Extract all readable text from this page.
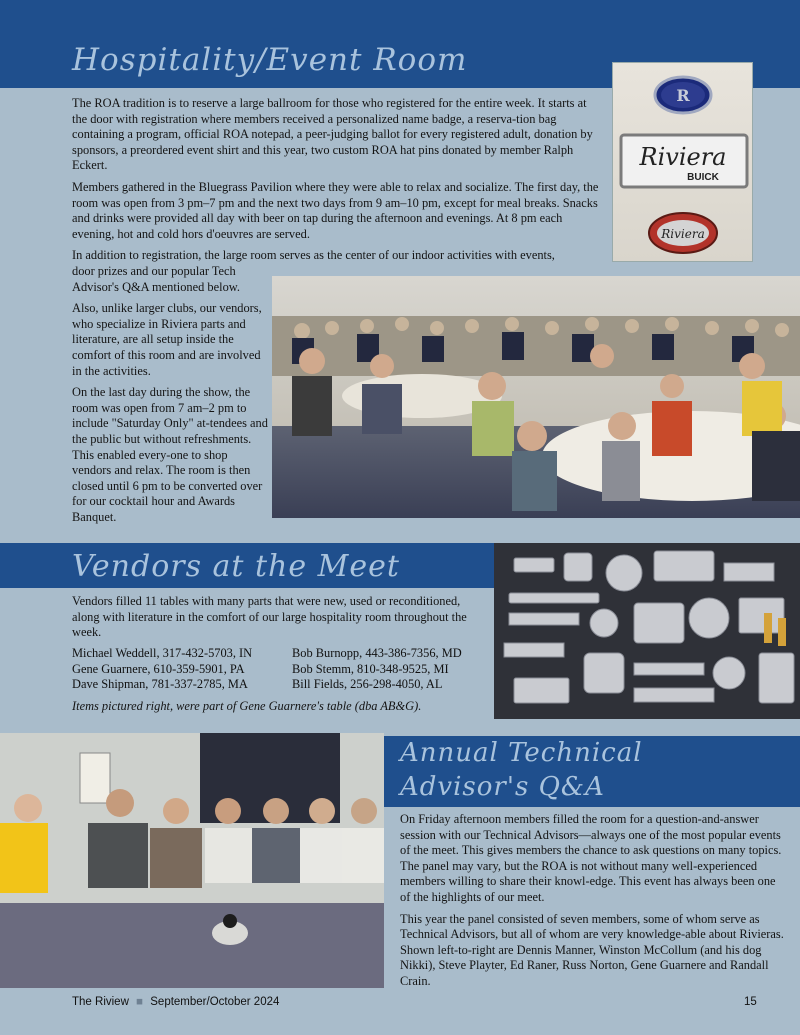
Hospitality/Event Room
R
Riviera
BUICK
Riviera

The ROA tradition is to reserve a large ballroom for those who registered for the entire week. It starts at the door with registration where members received a personalized name badge, a reserva-tion bag containing a program, official ROA notepad, a peer-judging ballot for every registered adult, donation by sponsors, a preordered event shirt and this year, two custom ROA hat pins donated by member Ralph Eckert.

Members gathered in the Bluegrass Pavilion where they were able to relax and socialize. The first day, the room was open from 3 pm–7 pm and the next two days from 9 am–10 pm, except for meal breaks. Snacks and drinks were provided all day with beer on tap during the afternoon and evenings. At 8 pm each evening, hot and cold hors d'oeuvres are served.

In addition to registration, the large room serves as the center of our indoor activities with events,

door prizes and our popular Tech Advisor's Q&A mentioned below.

Also, unlike larger clubs, our vendors, who specialize in Riviera parts and literature, are all setup inside the comfort of this room and are involved in the activities.

On the last day during the show, the room was open from 7 am–2 pm to include "Saturday Only" at-tendees and the public but without refreshments. This enabled every-one to shop vendors and relax. The room is then closed until 6 pm to be converted over for our cocktail hour and Awards Banquet.

Vendors at the Meet
Vendors filled 11 tables with many parts that were new, used or reconditioned, along with literature in the comfort of our large hospitality room throughout the week.
Michael Weddell, 317-432-5703, IN
Gene Guarnere, 610-359-5901, PA
Dave Shipman, 781-337-2785, MA
Bob Burnopp, 443-386-7356, MD
Bob Stemm, 810-348-9525, MI
Bill Fields, 256-298-4050, AL
Items pictured right, were part of Gene Guarnere's table (dba AB&G).
Annual Technical
Advisor's Q&A

On Friday afternoon members filled the room for a question-and-answer session with our Technical Advisors—always one of the most popular events of the meet. This gives members the chance to ask questions on many topics. The panel may vary, but the ROA is not without many well-experienced members willing to share their knowl-edge. This event has always been one of the highlights of our meet.

This year the panel consisted of seven members, some of whom serve as Technical Advisors, but all of whom are very knowledge-able about Rivieras. Shown left-to-right are Dennis Manner, Winston McCollum (and his dog Nikki), Steve Playter, Ed Raner, Russ Norton, Gene Guarnere and Randall Crain.

The Riview ■ September/October 2024	15
